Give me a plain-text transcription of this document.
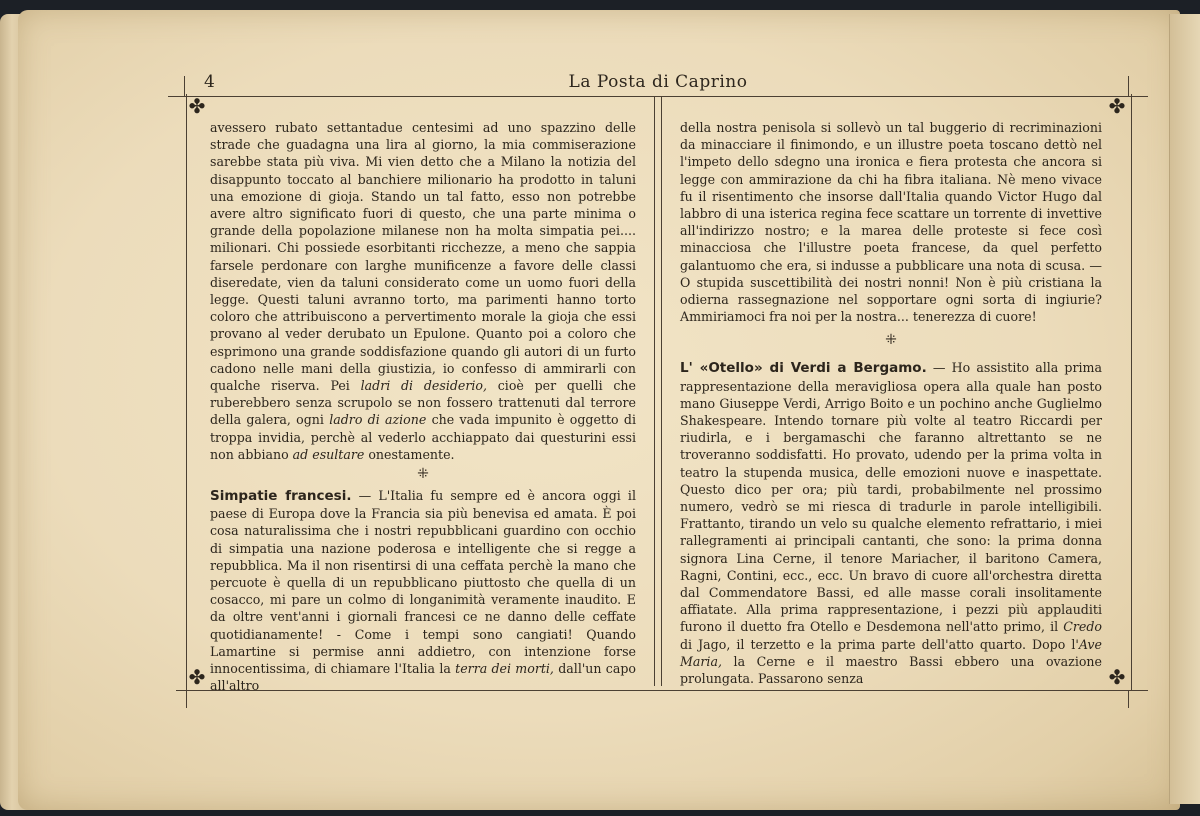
4	La Posta di Caprino
✤	✤
✤	✤

avessero rubato settantadue centesimi ad uno spazzino delle strade che guadagna una lira al giorno, la mia commiserazione sarebbe stata più viva. Mi vien detto che a Milano la notizia del disappunto toccato al banchiere milionario ha prodotto in taluni una emozione di gioja. Stando un tal fatto, esso non potrebbe avere altro significato fuori di questo, che una parte minima o grande della popolazione milanese non ha molta simpatia pei.... milionari. Chi possiede esorbitanti ricchezze, a meno che sappia farsele perdonare con larghe munificenze a favore delle classi diseredate, vien da taluni considerato come un uomo fuori della legge. Questi taluni avranno torto, ma parimenti hanno torto coloro che attribuiscono a pervertimento morale la gioja che essi provano al veder derubato un Epulone. Quanto poi a coloro che esprimono una grande soddisfazione quando gli autori di un furto cadono nelle mani della giustizia, io confesso di ammirarli con qualche riserva. Pei ladri di desiderio, cioè per quelli che ruberebbero senza scrupolo se non fossero trattenuti dal terrore della galera, ogni ladro di azione che vada impunito è oggetto di troppa invidia, perchè al vederlo acchiappato dai questurini essi non abbiano ad esultare onestamente.

⁜

Simpatie francesi. — L'Italia fu sempre ed è ancora oggi il paese di Europa dove la Francia sia più benevisa ed amata. È poi cosa naturalissima che i nostri repubblicani guardino con occhio di simpatia una nazione poderosa e intelligente che si regge a repubblica. Ma il non risentirsi di una ceffata perchè la mano che percuote è quella di un repubblicano piuttosto che quella di un cosacco, mi pare un colmo di longanimità veramente inaudito. E da oltre vent'anni i giornali francesi ce ne danno delle ceffate quotidianamente! - Come i tempi sono cangiati! Quando Lamartine si permise anni addietro, con intenzione forse innocentissima, di chiamare l'Italia la terra dei morti, dall'un capo all'altro

della nostra penisola si sollevò un tal buggerio di recriminazioni da minacciare il finimondo, e un illustre poeta toscano dettò nel l'impeto dello sdegno una ironica e fiera protesta che ancora si legge con ammirazione da chi ha fibra italiana. Nè meno vivace fu il risentimento che insorse dall'Italia quando Victor Hugo dal labbro di una isterica regina fece scattare un torrente di invettive all'indirizzo nostro; e la marea delle proteste si fece così minacciosa che l'illustre poeta francese, da quel perfetto galantuomo che era, si indusse a pubblicare una nota di scusa. — O stupida suscettibilità dei nostri nonni! Non è più cristiana la odierna rassegnazione nel sopportare ogni sorta di ingiurie? Ammiriamoci fra noi per la nostra... tenerezza di cuore!

⁜

L' «Otello» di Verdi a Bergamo. — Ho assistito alla prima rappresentazione della meravigliosa opera alla quale han posto mano Giuseppe Verdi, Arrigo Boito e un pochino anche Guglielmo Shakespeare. Intendo tornare più volte al teatro Riccardi per riudirla, e i bergamaschi che faranno altrettanto se ne troveranno soddisfatti. Ho provato, udendo per la prima volta in teatro la stupenda musica, delle emozioni nuove e inaspettate. Questo dico per ora; più tardi, probabilmente nel prossimo numero, vedrò se mi riesca di tradurle in parole intelligibili. Frattanto, tirando un velo su qualche elemento refrattario, i miei rallegramenti ai principali cantanti, che sono: la prima donna signora Lina Cerne, il tenore Mariacher, il baritono Camera, Ragni, Contini, ecc., ecc. Un bravo di cuore all'orchestra diretta dal Commendatore Bassi, ed alle masse corali insolitamente affiatate. Alla prima rappresentazione, i pezzi più applauditi furono il duetto fra Otello e Desdemona nell'atto primo, il Credo di Jago, il terzetto e la prima parte dell'atto quarto. Dopo l'Ave Maria, la Cerne e il maestro Bassi ebbero una ovazione prolungata. Passarono senza
